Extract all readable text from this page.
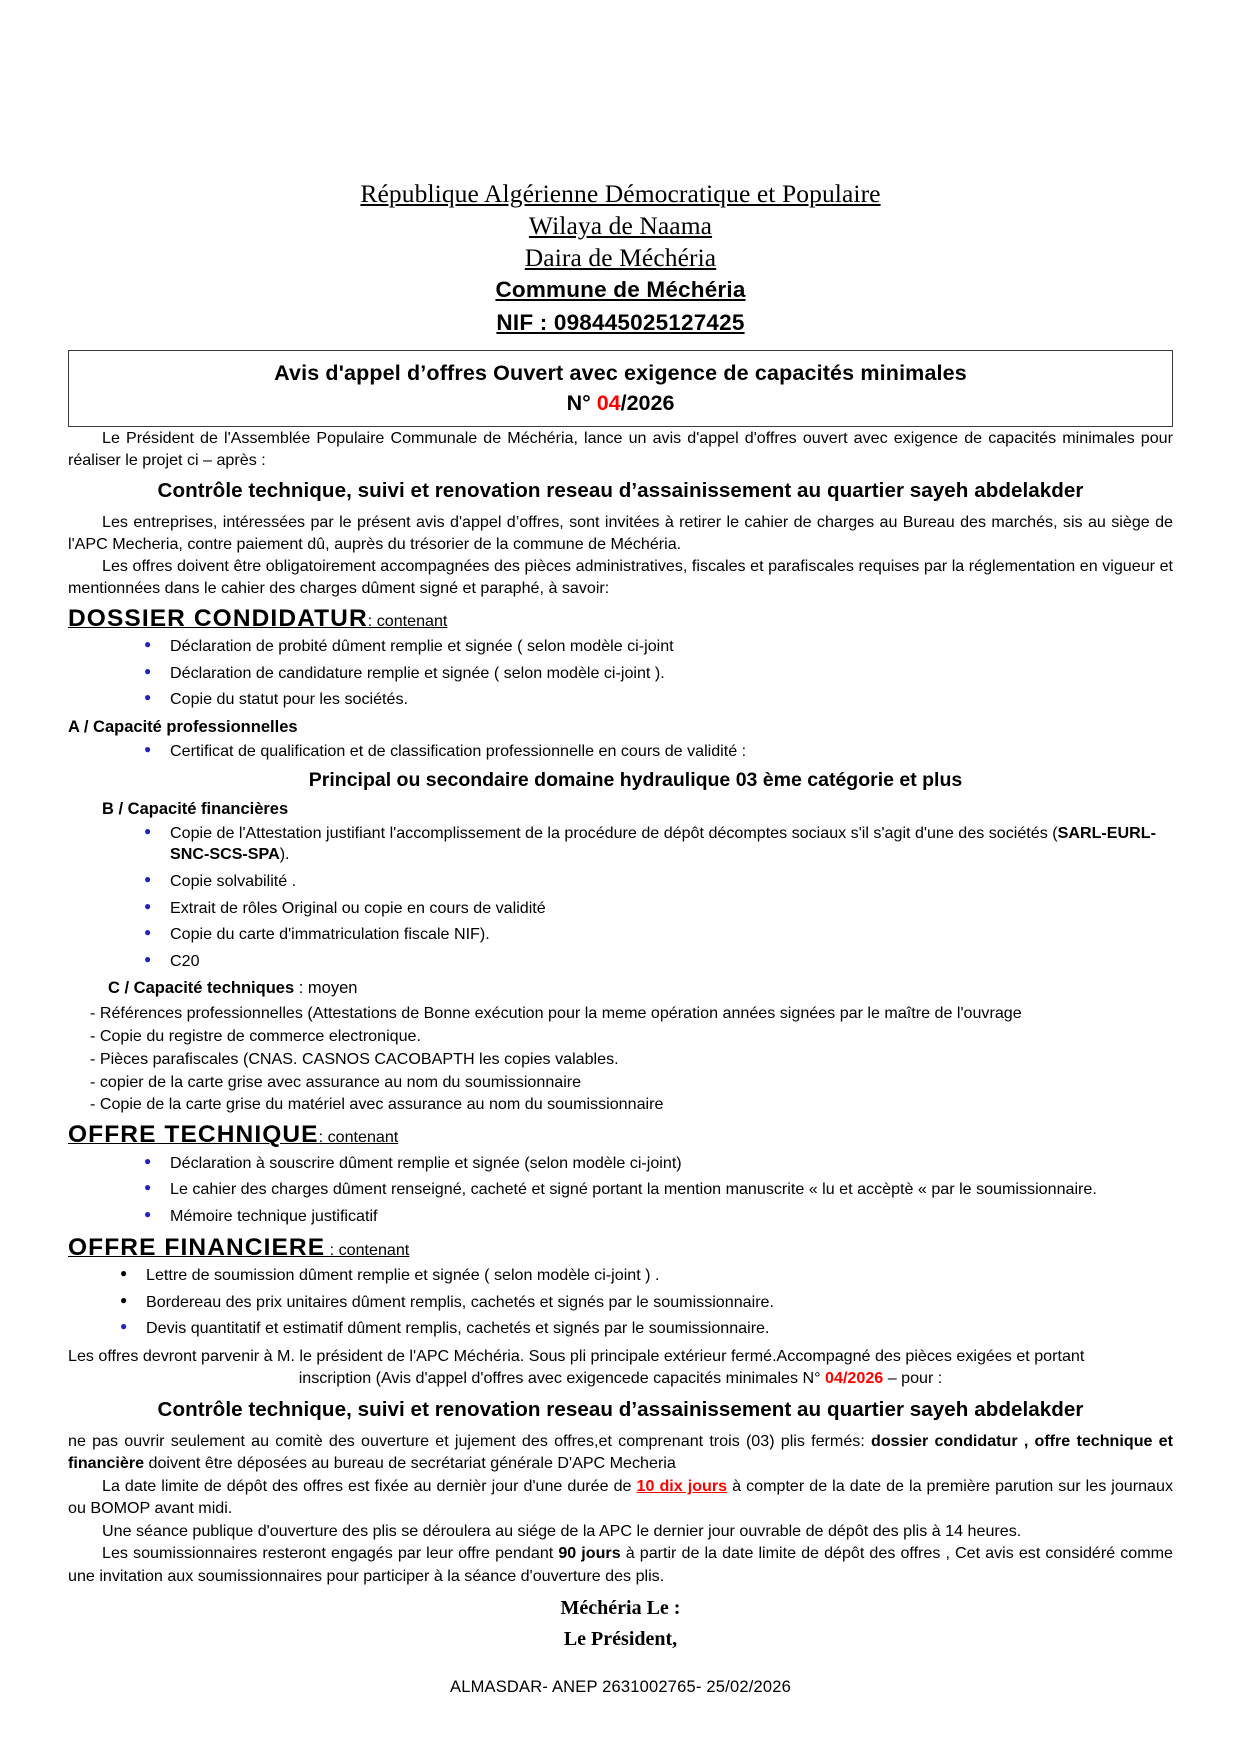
République Algérienne Démocratique et Populaire
Wilaya de Naama
Daira de Méchéria
Commune de Méchéria
NIF : 098445025127425
Avis d'appel d’offres Ouvert avec exigence de capacités minimales
N° 04/2026

Le Président de l'Assemblée Populaire Communale de Méchéria, lance un avis d'appel d'offres ouvert avec exigence de capacités minimales pour réaliser le projet ci – après :

Contrôle technique, suivi et renovation reseau d’assainissement au quartier sayeh abdelakder

Les entreprises, intéressées par le présent avis d'appel d’offres, sont invitées à retirer le cahier de charges au Bureau des marchés, sis au siège de l'APC Mecheria, contre paiement dû, auprès du trésorier de la commune de Méchéria.

Les offres doivent être obligatoirement accompagnées des pièces administratives, fiscales et parafiscales requises par la réglementation en vigueur et mentionnées dans le cahier des charges dûment signé et paraphé, à savoir:

DOSSIER CONDIDATUR: contenant
● Déclaration de probité dûment remplie et signée ( selon modèle ci-joint
● Déclaration de candidature remplie et signée ( selon modèle ci-joint ).
● Copie du statut pour les sociétés.
A / Capacité professionnelles
● Certificat de qualification et de classification professionnelle en cours de validité :
Principal ou secondaire domaine hydraulique 03 ème catégorie et plus
B / Capacité financières
● Copie de l'Attestation justifiant l'accomplissement de la procédure de dépôt décomptes sociaux s'il s'agit d'une des sociétés (SARL-EURL-SNC-SCS-SPA).
● Copie solvabilité .
● Extrait de rôles Original ou copie en cours de validité
● Copie du carte d'immatriculation fiscale NIF).
● C20
C / Capacité techniques : moyen
- Références professionnelles (Attestations de Bonne exécution pour la meme opération années signées par le maître de l'ouvrage
- Copie du registre de commerce electronique.
- Pièces parafiscales (CNAS. CASNOS CACOBAPTH les copies valables.
- copier de la carte grise avec assurance au nom du soumissionnaire
- Copie de la carte grise du matériel avec assurance au nom du soumissionnaire
OFFRE TECHNIQUE: contenant
● Déclaration à souscrire dûment remplie et signée (selon modèle ci-joint)
● Le cahier des charges dûment renseigné, cacheté et signé portant la mention manuscrite « lu et accèptè « par le soumissionnaire.
● Mémoire technique justificatif
OFFRE FINANCIERE : contenant
● Lettre de soumission dûment remplie et signée ( selon modèle ci-joint ) .
● Bordereau des prix unitaires dûment remplis, cachetés et signés par le soumissionnaire.
● Devis quantitatif et estimatif dûment remplis, cachetés et signés par le soumissionnaire.

Les offres devront parvenir à M. le président de l'APC Méchéria. Sous pli principale extérieur fermé.Accompagné des pièces exigées et portant

inscription (Avis d'appel d'offres avec exigencede capacités minimales N° 04/2026 – pour :

Contrôle technique, suivi et renovation reseau d’assainissement au quartier sayeh abdelakder

ne pas ouvrir seulement au comitè des ouverture et jujement des offres,et comprenant trois (03) plis fermés: dossier condidatur , offre technique et financière doivent être déposées au bureau de secrétariat générale D'APC Mecheria

La date limite de dépôt des offres est fixée au dernièr jour d'une durée de 10 dix jours à compter de la date de la première parution sur les journaux ou BOMOP avant midi.

Une séance publique d'ouverture des plis se déroulera au siége de la APC le dernier jour ouvrable de dépôt des plis à 14 heures.

Les soumissionnaires resteront engagés par leur offre pendant 90 jours à partir de la date limite de dépôt des offres , Cet avis est considéré comme une invitation aux soumissionnaires pour participer à la séance d'ouverture des plis.

Méchéria Le :
Le Président,
ALMASDAR- ANEP 2631002765- 25/02/2026
